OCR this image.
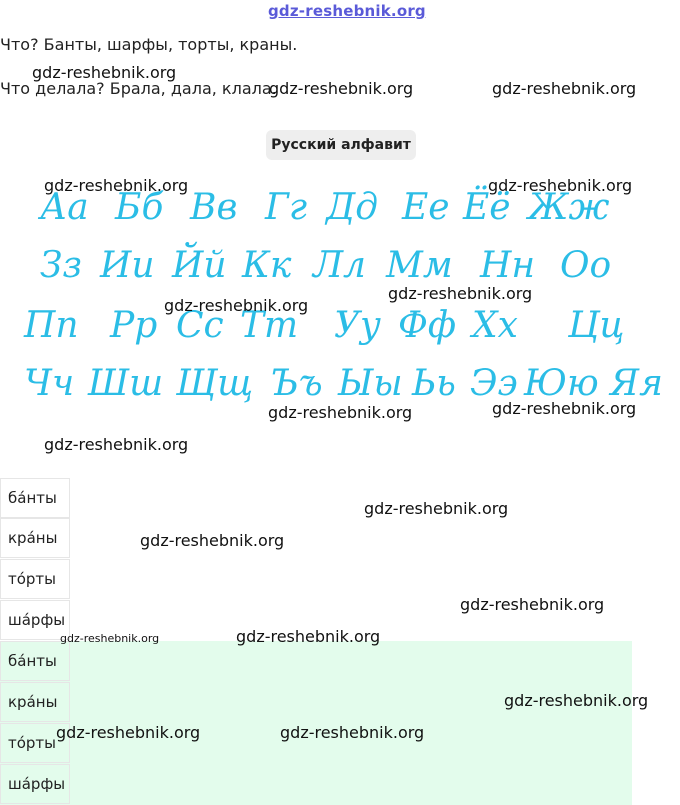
gdz-reshebnik.org
Что? Банты, шарфы, торты, краны.
gdz-reshebnik.org
Что делала? Брала, дала, клала.
gdz-reshebnik.org	gdz-reshebnik.org
Русский алфавит
Аа Бб Вв Гг Дд Ее Ёё Жж
Зз Ии Йй Кк Лл Мм Нн Оо
Пп Рр Сс Тт Уу Фф Хх Цц
Чч Шш Щщ Ъъ Ыы Ьь Ээ Юю Яя
gdz-reshebnik.org	gdz-reshebnik.org
gdz-reshebnik.org
gdz-reshebnik.org
gdz-reshebnik.org	gdz-reshebnik.org
gdz-reshebnik.org
ба́нты
кра́ны
то́рты
ша́рфы
ба́нты
кра́ны
то́рты
ша́рфы
gdz-reshebnik.org
gdz-reshebnik.org
gdz-reshebnik.org
gdz-reshebnik.org	gdz-reshebnik.org
gdz-reshebnik.org
gdz-reshebnik.org	gdz-reshebnik.org
